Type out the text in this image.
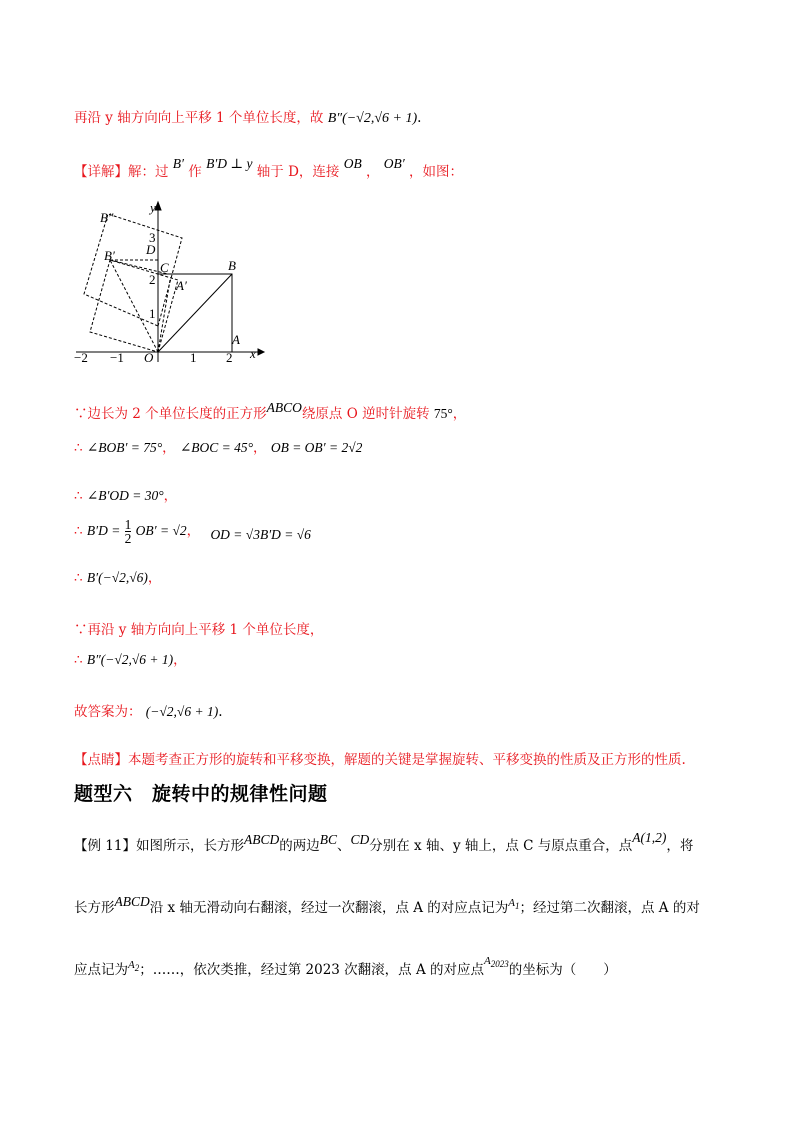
再沿 y 轴方向向上平移 1 个单位长度，故 B″(−√2,√6 + 1).
【详解】解：过 B′ 作 B′D ⊥ y 轴于 D，连接 OB ， OB′ ，如图：
y
x
B″
B′ D
C	B
A′
A
O
−2 −1	1 2
1
2
3
∵边长为 2 个单位长度的正方形ABCO绕原点 O 逆时针旋转 75°，
∴ ∠BOB′ = 75°， ∠BOC = 45°， OB = OB′ = 2√2
∴ ∠B′OD = 30°，
∴ $B'D = \frac{1}{2} OB' = √2$， OD = √3B′D = √6
∴ B′(−√2,√6)，
∵再沿 y 轴方向向上平移 1 个单位长度，
∴ B″(−√2,√6 + 1)，
故答案为： (−√2,√6 + 1).
【点睛】本题考查正方形的旋转和平移变换，解题的关键是掌握旋转、平移变换的性质及正方形的性质.
题型六　旋转中的规律性问题
【例 11】如图所示，长方形ABCD的两边BC、CD分别在 x 轴、y 轴上，点 C 与原点重合，点A(1,2)，将
长方形ABCD沿 x 轴无滑动向右翻滚，经过一次翻滚，点 A 的对应点记为$^{A_1}$；经过第二次翻滚，点 A 的对
应点记为$^{A_2}$；……，依次类推，经过第 2023 次翻滚，点 A 的对应点$^{A_{2023}}$的坐标为（　　）
